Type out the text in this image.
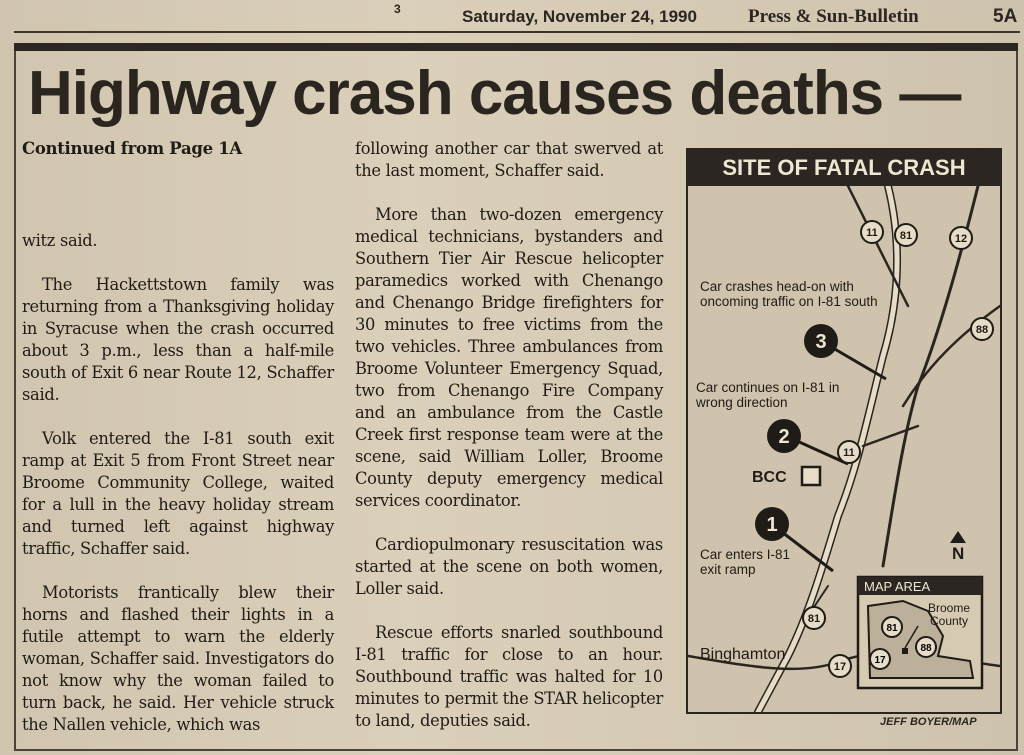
3	Saturday, November 24, 1990	Press & Sun-Bulletin	5A
Highway crash causes deaths —

Continued from Page 1A

witz said.

The Hackettstown family was returning from a Thanksgiving holiday in Syracuse when the crash occurred about 3 p.m., less than a half-mile south of Exit 6 near Route 12, Schaffer said.

Volk entered the I-81 south exit ramp at Exit 5 from Front Street near Broome Community College, waited for a lull in the heavy holiday stream and turned left against highway traffic, Schaffer said.

Motorists frantically blew their horns and flashed their lights in a futile attempt to warn the elderly woman, Schaffer said. Investigators do not know why the woman failed to turn back, he said. Her vehicle struck the Nallen vehicle, which was

following another car that swerved at the last moment, Schaffer said.

More than two-dozen emergency medical technicians, bystanders and Southern Tier Air Rescue helicopter paramedics worked with Chenango and Chenango Bridge firefighters for 30 minutes to free victims from the two vehicles. Three ambulances from Broome Volunteer Emergency Squad, two from Chenango Fire Company and an ambulance from the Castle Creek first response team were at the scene, said William Loller, Broome County deputy emergency medical services coordinator.

Cardiopulmonary resuscitation was started at the scene on both women, Loller said.

Rescue efforts snarled southbound I-81 traffic for close to an hour. Southbound traffic was halted for 10 minutes to permit the STAR helicopter to land, deputies said.

SITE OF FATAL CRASH
3
2
1
11 81	12
88
11
81
17
MAP AREA
81
88
17
Car crashes head-on with oncoming traffic on I-81 south
Car continues on I-81 in wrong direction
Car enters I-81 exit ramp
BCC
Binghamton
N
Broome County
JEFF BOYER/MAP
